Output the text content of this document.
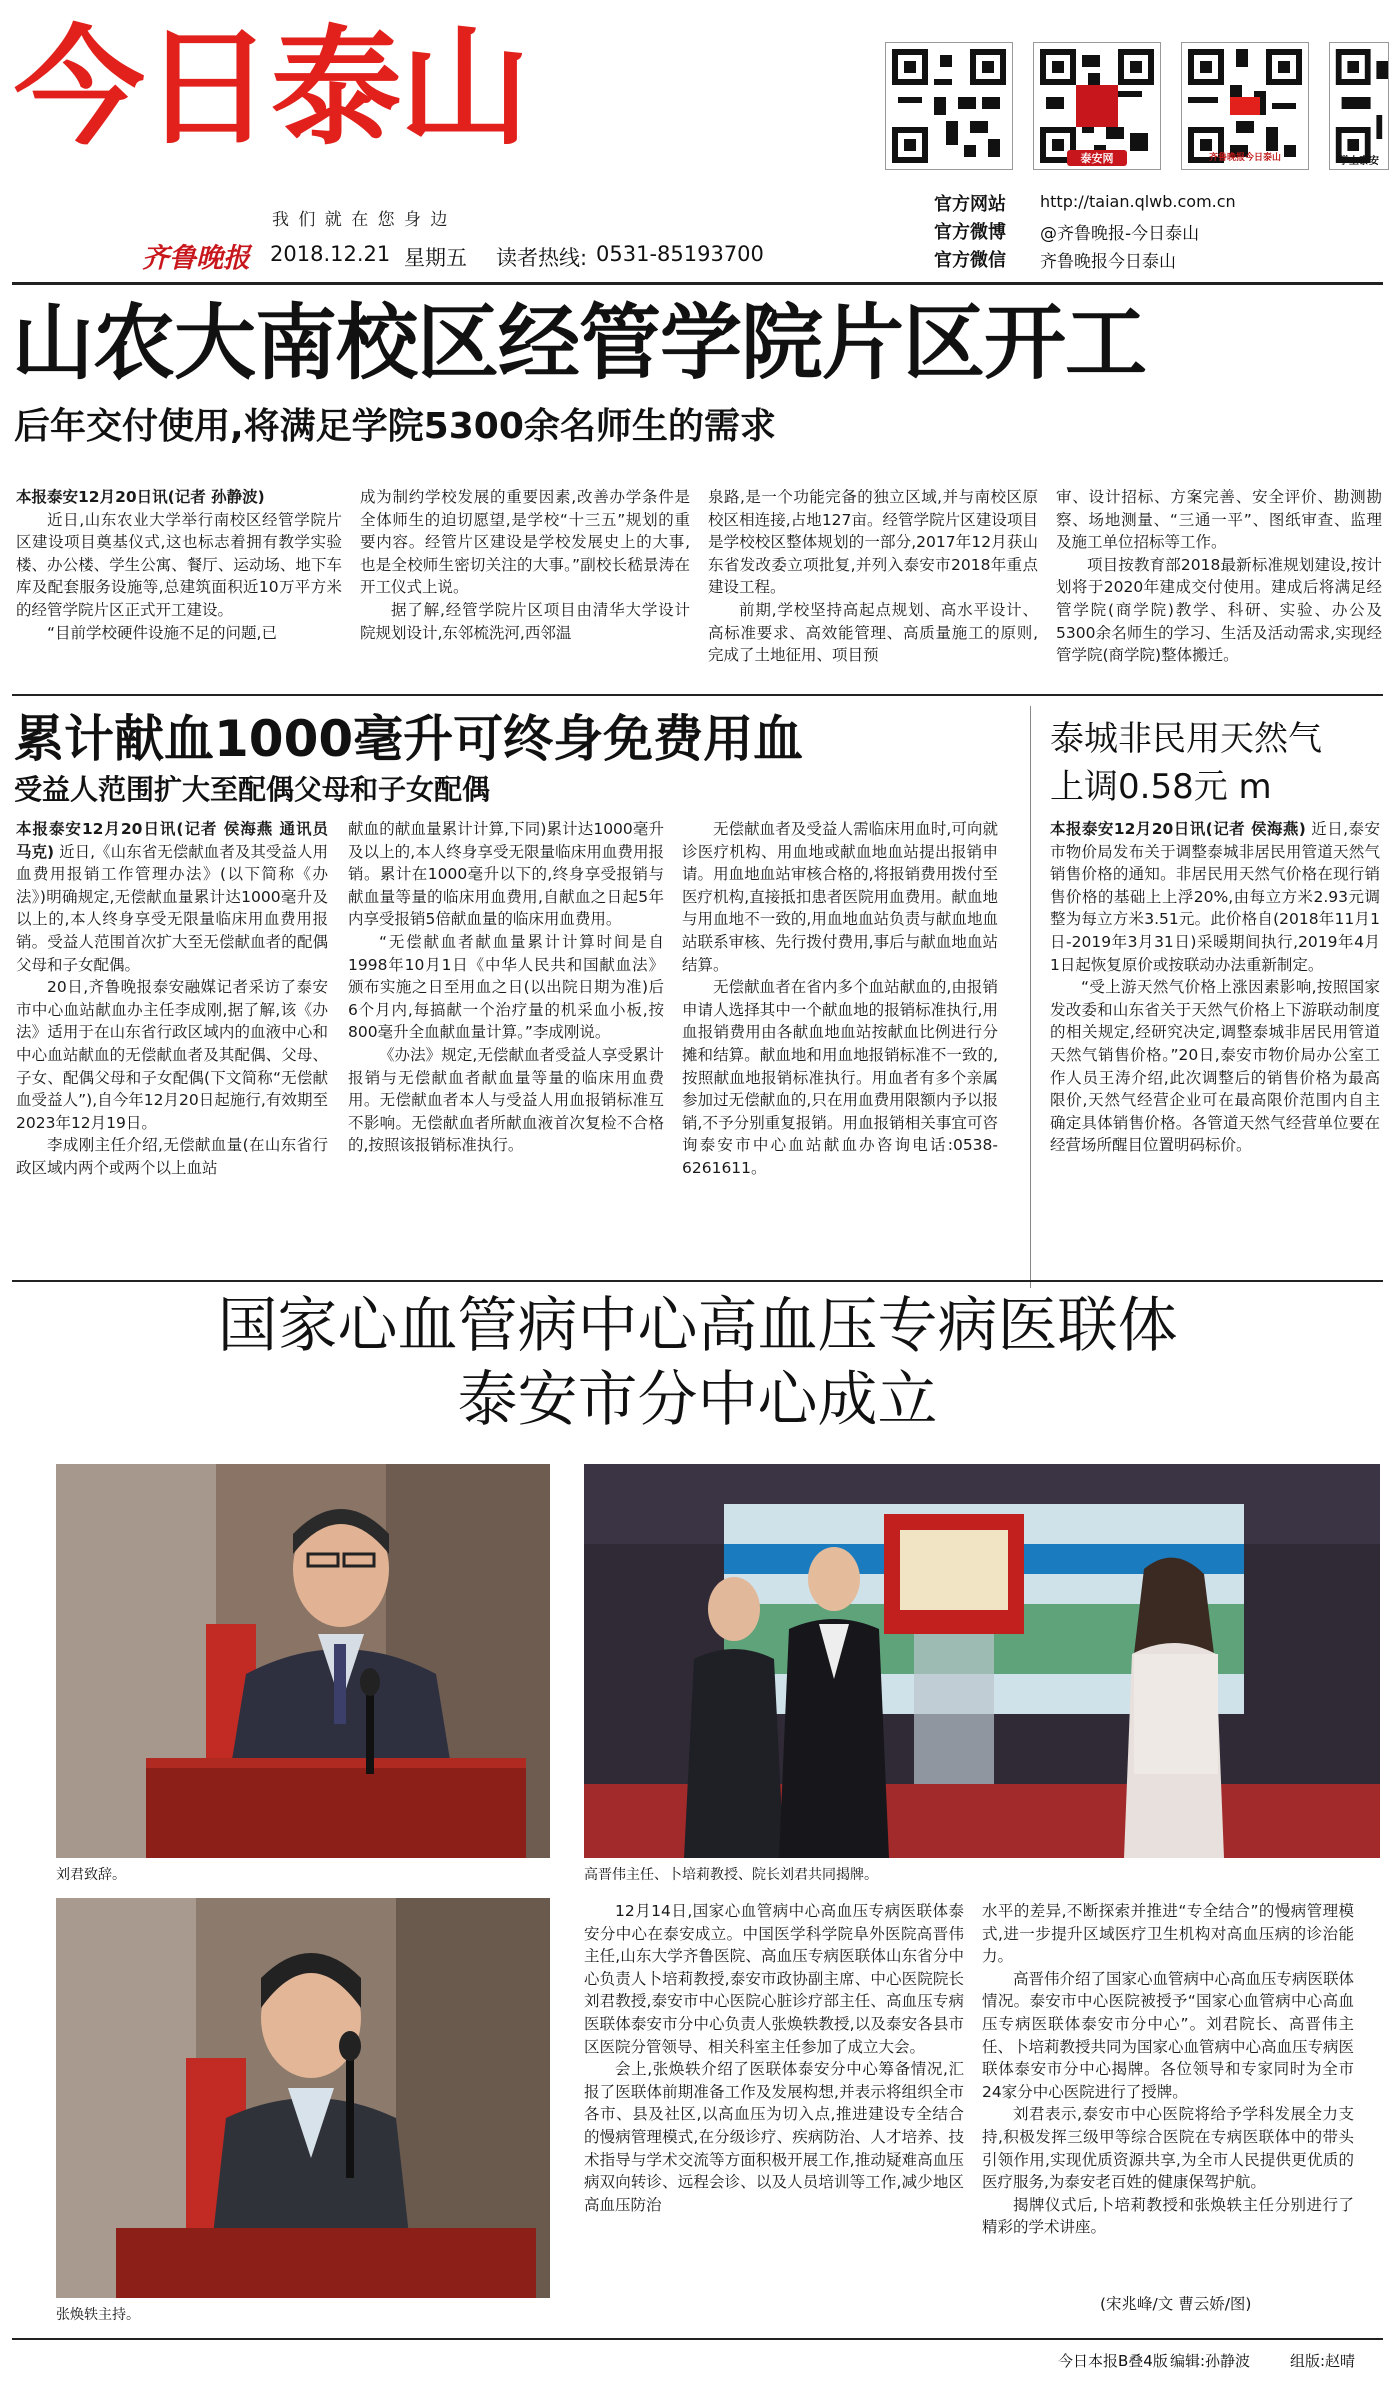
今日泰山
我 们 就 在 您 身 边
齐鲁晚报 2018.12.21 星期五 读者热线: 0531-85193700
泰安网	齐鲁晚报今日泰山	掌上泰安
官方网站 http://taian.qlwb.com.cn
官方微博 @齐鲁晚报-今日泰山
官方微信 齐鲁晚报今日泰山
山农大南校区经管学院片区开工
后年交付使用,将满足学院5300余名师生的需求

本报泰安12月20日讯(记者 孙静波)

近日,山东农业大学举行南校区经管学院片区建设项目奠基仪式,这也标志着拥有教学实验楼、办公楼、学生公寓、餐厅、运动场、地下车库及配套服务设施等,总建筑面积近10万平方米的经管学院片区正式开工建设。

“目前学校硬件设施不足的问题,已

成为制约学校发展的重要因素,改善办学条件是全体师生的迫切愿望,是学校“十三五”规划的重要内容。经管片区建设是学校发展史上的大事,也是全校师生密切关注的大事。”副校长嵇景涛在开工仪式上说。

据了解,经管学院片区项目由清华大学设计院规划设计,东邻梳洗河,西邻温

泉路,是一个功能完备的独立区域,并与南校区原校区相连接,占地127亩。经管学院片区建设项目是学校校区整体规划的一部分,2017年12月获山东省发改委立项批复,并列入泰安市2018年重点建设工程。

前期,学校坚持高起点规划、高水平设计、高标准要求、高效能管理、高质量施工的原则,完成了土地征用、项目预

审、设计招标、方案完善、安全评价、勘测勘察、场地测量、“三通一平”、图纸审查、监理及施工单位招标等工作。

项目按教育部2018最新标准规划建设,按计划将于2020年建成交付使用。建成后将满足经管学院(商学院)教学、科研、实验、办公及5300余名师生的学习、生活及活动需求,实现经管学院(商学院)整体搬迁。

累计献血1000毫升可终身免费用血
受益人范围扩大至配偶父母和子女配偶

本报泰安12月20日讯(记者 侯海燕 通讯员 马克) 近日,《山东省无偿献血者及其受益人用血费用报销工作管理办法》(以下简称《办法》)明确规定,无偿献血量累计达1000毫升及以上的,本人终身享受无限量临床用血费用报销。受益人范围首次扩大至无偿献血者的配偶父母和子女配偶。

20日,齐鲁晚报泰安融媒记者采访了泰安市中心血站献血办主任李成刚,据了解,该《办法》适用于在山东省行政区域内的血液中心和中心血站献血的无偿献血者及其配偶、父母、子女、配偶父母和子女配偶(下文简称“无偿献血受益人”),自今年12月20日起施行,有效期至2023年12月19日。

李成刚主任介绍,无偿献血量(在山东省行政区域内两个或两个以上血站

献血的献血量累计计算,下同)累计达1000毫升及以上的,本人终身享受无限量临床用血费用报销。累计在1000毫升以下的,终身享受报销与献血量等量的临床用血费用,自献血之日起5年内享受报销5倍献血量的临床用血费用。

“无偿献血者献血量累计计算时间是自1998年10月1日《中华人民共和国献血法》颁布实施之日至用血之日(以出院日期为准)后6个月内,每搞献一个治疗量的机采血小板,按800毫升全血献血量计算。”李成刚说。

《办法》规定,无偿献血者受益人享受累计报销与无偿献血者献血量等量的临床用血费用。无偿献血者本人与受益人用血报销标准互不影响。无偿献血者所献血液首次复检不合格的,按照该报销标准执行。

无偿献血者及受益人需临床用血时,可向就诊医疗机构、用血地或献血地血站提出报销申请。用血地血站审核合格的,将报销费用拨付至医疗机构,直接抵扣患者医院用血费用。献血地与用血地不一致的,用血地血站负责与献血地血站联系审核、先行拨付费用,事后与献血地血站结算。

无偿献血者在省内多个血站献血的,由报销申请人选择其中一个献血地的报销标准执行,用血报销费用由各献血地血站按献血比例进行分摊和结算。献血地和用血地报销标准不一致的,按照献血地报销标准执行。用血者有多个亲属参加过无偿献血的,只在用血费用限额内予以报销,不予分别重复报销。用血报销相关事宜可咨询泰安市中心血站献血办咨询电话:0538-6261611。

泰城非民用天然气
上调0.58元 m

本报泰安12月20日讯(记者 侯海燕) 近日,泰安市物价局发布关于调整泰城非居民用管道天然气销售价格的通知。非居民用天然气价格在现行销售价格的基础上上浮20%,由每立方米2.93元调整为每立方米3.51元。此价格自(2018年11月1日-2019年3月31日)采暖期间执行,2019年4月1日起恢复原价或按联动办法重新制定。

“受上游天然气价格上涨因素影响,按照国家发改委和山东省关于天然气价格上下游联动制度的相关规定,经研究决定,调整泰城非居民用管道天然气销售价格。”20日,泰安市物价局办公室工作人员王涛介绍,此次调整后的销售价格为最高限价,天然气经营企业可在最高限价范围内自主确定具体销售价格。各管道天然气经营单位要在经营场所醒目位置明码标价。

国家心血管病中心高血压专病医联体
泰安市分中心成立
刘君致辞。	高晋伟主任、卜培莉教授、院长刘君共同揭牌。
张焕轶主持。

12月14日,国家心血管病中心高血压专病医联体泰安分中心在泰安成立。中国医学科学院阜外医院高晋伟主任,山东大学齐鲁医院、高血压专病医联体山东省分中心负责人卜培莉教授,泰安市政协副主席、中心医院院长刘君教授,泰安市中心医院心脏诊疗部主任、高血压专病医联体泰安市分中心负责人张焕轶教授,以及泰安各县市区医院分管领导、相关科室主任参加了成立大会。

会上,张焕轶介绍了医联体泰安分中心筹备情况,汇报了医联体前期准备工作及发展构想,并表示将组织全市各市、县及社区,以高血压为切入点,推进建设专全结合的慢病管理模式,在分级诊疗、疾病防治、人才培养、技术指导与学术交流等方面积极开展工作,推动疑难高血压病双向转诊、远程会诊、以及人员培训等工作,减少地区高血压防治

水平的差异,不断探索并推进“专全结合”的慢病管理模式,进一步提升区域医疗卫生机构对高血压病的诊治能力。

高晋伟介绍了国家心血管病中心高血压专病医联体情况。泰安市中心医院被授予“国家心血管病中心高血压专病医联体泰安市分中心”。刘君院长、高晋伟主任、卜培莉教授共同为国家心血管病中心高血压专病医联体泰安市分中心揭牌。各位领导和专家同时为全市24家分中心医院进行了授牌。

刘君表示,泰安市中心医院将给予学科发展全力支持,积极发挥三级甲等综合医院在专病医联体中的带头引领作用,实现优质资源共享,为全市人民提供更优质的医疗服务,为泰安老百姓的健康保驾护航。

揭牌仪式后,卜培莉教授和张焕轶主任分别进行了精彩的学术讲座。

(宋兆峰/文 曹云娇/图)
今日本报B叠4版 编辑:孙静波	组版:赵晴
